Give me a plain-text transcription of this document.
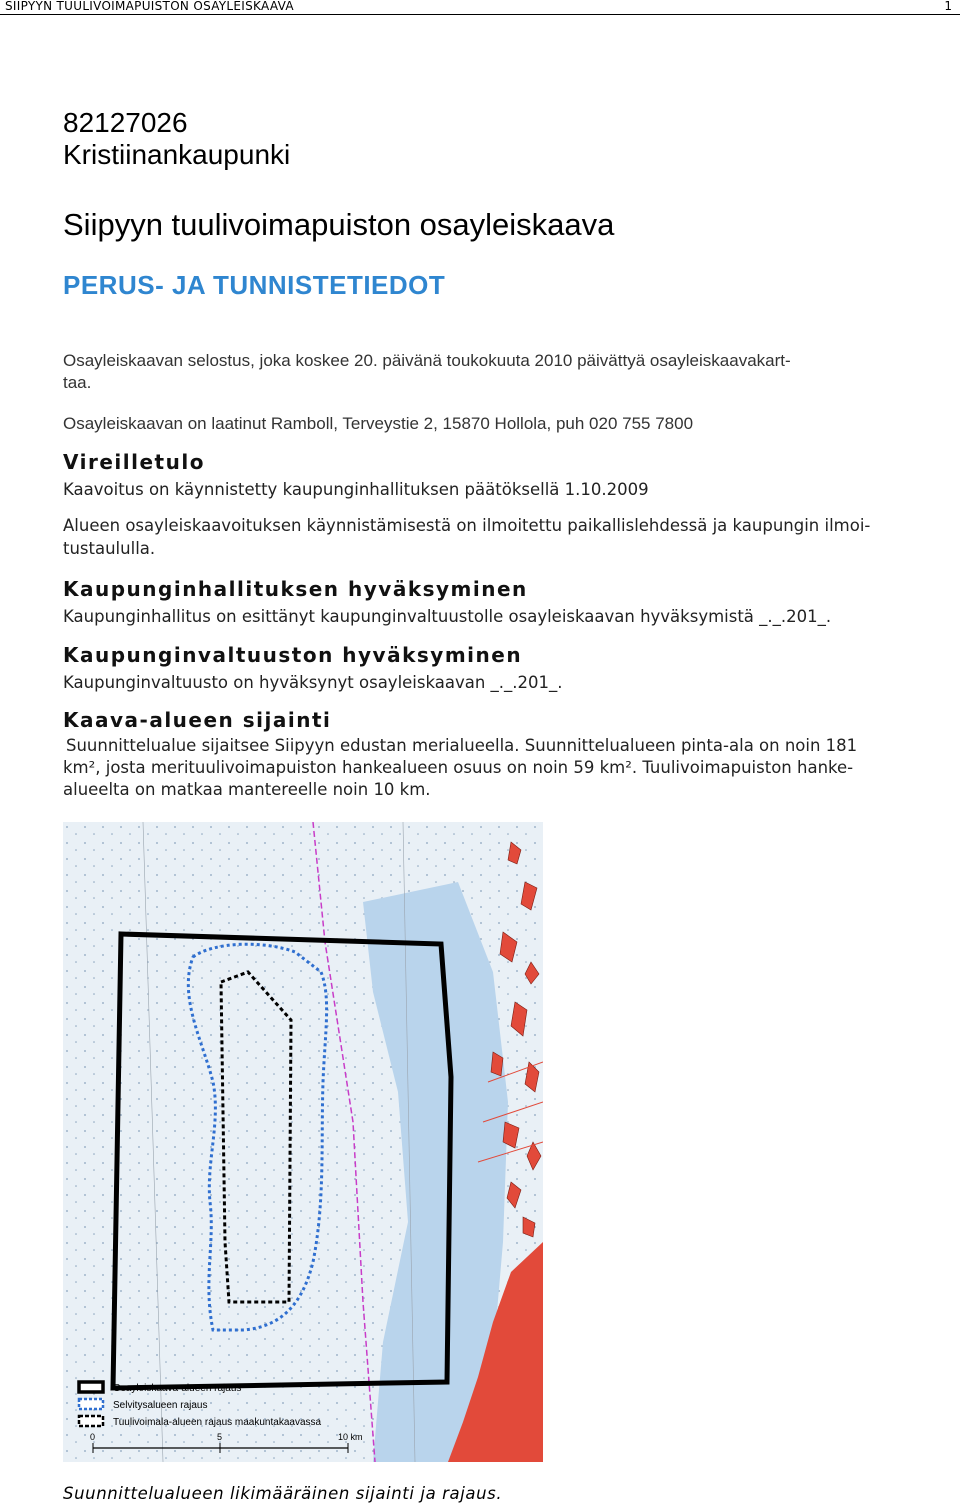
SIIPYYN TUULIVOIMAPUISTON OSAYLEISKAAVA	1
82127026
Kristiinankaupunki
Siipyyn tuulivoimapuiston osayleiskaava
PERUS- JA TUNNISTETIEDOT
Osayleiskaavan selostus, joka koskee 20. päivänä toukokuuta 2010 päivättyä osayleiskaavakart-
taa.
Osayleiskaavan on laatinut Ramboll, Terveystie 2, 15870 Hollola, puh 020 755 7800
Vireilletulo
Kaavoitus on käynnistetty kaupunginhallituksen päätöksellä 1.10.2009
Alueen osayleiskaavoituksen käynnistämisestä on ilmoitettu paikallislehdessä ja kaupungin ilmoi-
tustaululla.
Kaupunginhallituksen hyväksyminen
Kaupunginhallitus on esittänyt kaupunginvaltuustolle osayleiskaavan hyväksymistä _._.201_.
Kaupunginvaltuuston hyväksyminen
Kaupunginvaltuusto on hyväksynyt osayleiskaavan _._.201_.
Kaava-alueen sijainti
Suunnittelualue sijaitsee Siipyyn edustan merialueella. Suunnittelualueen pinta-ala on noin 181
km², josta merituulivoimapuiston hankealueen osuus on noin 59 km². Tuulivoimapuiston hanke-
alueelta on matkaa mantereelle noin 10 km.
Osayleiskaava-alueen rajaus
Selvitysalueen rajaus
Tuulivoimala-alueen rajaus maakuntakaavassa
0	5	10 km
Suunnittelualueen likimääräinen sijainti ja rajaus.
